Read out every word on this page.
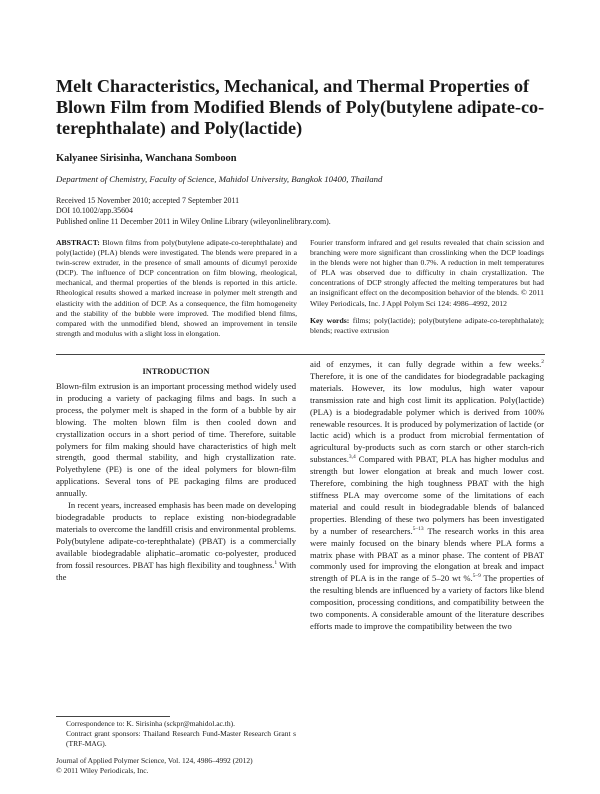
Melt Characteristics, Mechanical, and Thermal Properties of Blown Film from Modified Blends of Poly(butylene adipate-co-terephthalate) and Poly(lactide)

Kalyanee Sirisinha, Wanchana Somboon

Department of Chemistry, Faculty of Science, Mahidol University, Bangkok 10400, Thailand

Received 15 November 2010; accepted 7 September 2011
DOI 10.1002/app.35604
Published online 11 December 2011 in Wiley Online Library (wileyonlinelibrary.com).
ABSTRACT: Blown films from poly(butylene adipate-co-terephthalate) and poly(lactide) (PLA) blends were investigated. The blends were prepared in a twin-screw extruder, in the presence of small amounts of dicumyl peroxide (DCP). The influence of DCP concentration on film blowing, rheological, mechanical, and thermal properties of the blends is reported in this article. Rheological results showed a marked increase in polymer melt strength and elasticity with the addition of DCP. As a consequence, the film homogeneity and the stability of the bubble were improved. The modified blend films, compared with the unmodified blend, showed an improvement in tensile strength and modulus with a slight loss in elongation.

Fourier transform infrared and gel results revealed that chain scission and branching were more significant than crosslinking when the DCP loadings in the blends were not higher than 0.7%. A reduction in melt temperatures of PLA was observed due to difficulty in chain crystallization. The concentrations of DCP strongly affected the melting temperatures but had an insignificant effect on the decomposition behavior of the blends. © 2011 Wiley Periodicals, Inc. J Appl Polym Sci 124: 4986–4992, 2012

Key words: films; poly(lactide); poly(butylene adipate-co-terephthalate); blends; reactive extrusion

INTRODUCTION

Blown-film extrusion is an important processing method widely used in producing a variety of packaging films and bags. In such a process, the polymer melt is shaped in the form of a bubble by air blowing. The molten blown film is then cooled down and crystallization occurs in a short period of time. Therefore, suitable polymers for film making should have characteristics of high melt strength, good thermal stability, and high crystallization rate. Polyethylene (PE) is one of the ideal polymers for blown-film applications. Several tons of PE packaging films are produced annually.

In recent years, increased emphasis has been made on developing biodegradable products to replace existing non-biodegradable materials to overcome the landfill crisis and environmental problems. Poly(butylene adipate-co-terephthalate) (PBAT) is a commercially available biodegradable aliphatic–aromatic co-polyester, produced from fossil resources. PBAT has high flexibility and toughness.$^1$ With the

aid of enzymes, it can fully degrade within a few weeks.$^2$ Therefore, it is one of the candidates for biodegradable packaging materials. However, its low modulus, high water vapour transmission rate and high cost limit its application. Poly(lactide) (PLA) is a biodegradable polymer which is derived from 100% renewable resources. It is produced by polymerization of lactide (or lactic acid) which is a product from microbial fermentation of agricultural by-products such as corn starch or other starch-rich substances.$^{3,4}$ Compared with PBAT, PLA has higher modulus and strength but lower elongation at break and much lower cost. Therefore, combining the high toughness PBAT with the high stiffness PLA may overcome some of the limitations of each material and could result in biodegradable blends of balanced properties. Blending of these two polymers has been investigated by a number of researchers.$^{5-13}$ The research works in this area were mainly focused on the binary blends where PLA forms a matrix phase with PBAT as a minor phase. The content of PBAT commonly used for improving the elongation at break and impact strength of PLA is in the range of 5–20 wt %.$^{5-9}$ The properties of the resulting blends are influenced by a variety of factors like blend composition, processing conditions, and compatibility between the two components. A considerable amount of the literature describes efforts made to improve the compatibility between the two

Correspondence to: K. Sirisinha (sckpr@mahidol.ac.th).

Contract grant sponsors: Thailand Research Fund-Master Research Grant s (TRF-MAG).

Journal of Applied Polymer Science, Vol. 124, 4986–4992 (2012)
© 2011 Wiley Periodicals, Inc.
